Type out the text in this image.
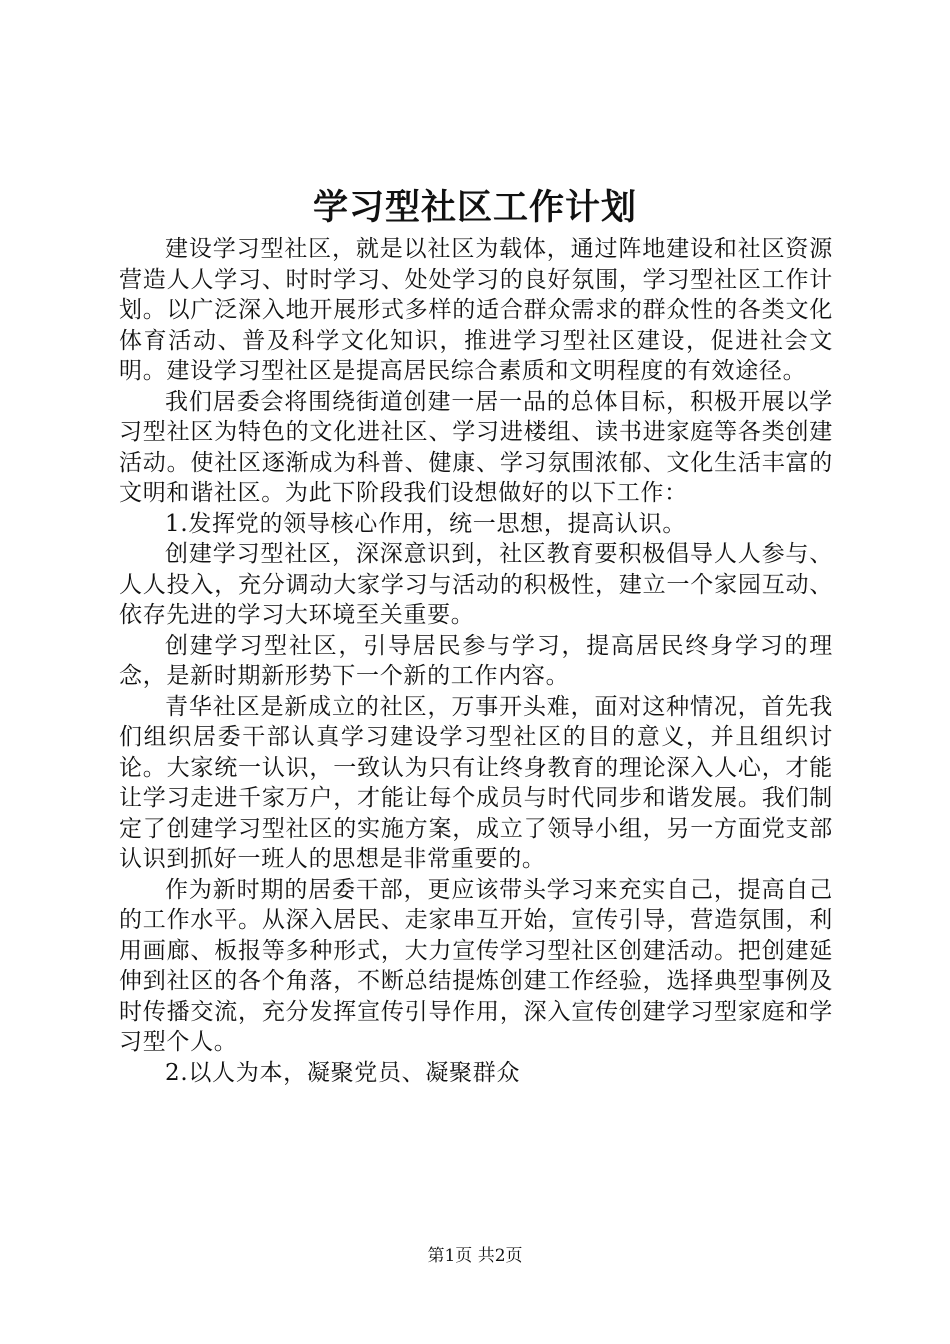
学习型社区工作计划

建设学习型社区，就是以社区为载体，通过阵地建设和社区资源营造人人学习、时时学习、处处学习的良好氛围，学习型社区工作计划。以广泛深入地开展形式多样的适合群众需求的群众性的各类文化体育活动、普及科学文化知识，推进学习型社区建设，促进社会文明。建设学习型社区是提高居民综合素质和文明程度的有效途径。

我们居委会将围绕街道创建一居一品的总体目标，积极开展以学习型社区为特色的文化进社区、学习进楼组、读书进家庭等各类创建活动。使社区逐渐成为科普、健康、学习氛围浓郁、文化生活丰富的文明和谐社区。为此下阶段我们设想做好的以下工作：

1.发挥党的领导核心作用，统一思想，提高认识。

创建学习型社区，深深意识到，社区教育要积极倡导人人参与、人人投入，充分调动大家学习与活动的积极性，建立一个家园互动、依存先进的学习大环境至关重要。

创建学习型社区，引导居民参与学习，提高居民终身学习的理念，是新时期新形势下一个新的工作内容。

青华社区是新成立的社区，万事开头难，面对这种情况，首先我们组织居委干部认真学习建设学习型社区的目的意义，并且组织讨论。大家统一认识，一致认为只有让终身教育的理论深入人心，才能让学习走进千家万户，才能让每个成员与时代同步和谐发展。我们制定了创建学习型社区的实施方案，成立了领导小组，另一方面党支部认识到抓好一班人的思想是非常重要的。

作为新时期的居委干部，更应该带头学习来充实自己，提高自己的工作水平。从深入居民、走家串互开始，宣传引导，营造氛围，利用画廊、板报等多种形式，大力宣传学习型社区创建活动。把创建延伸到社区的各个角落，不断总结提炼创建工作经验，选择典型事例及时传播交流，充分发挥宣传引导作用，深入宣传创建学习型家庭和学习型个人。

2.以人为本，凝聚党员、凝聚群众

第1页 共2页
